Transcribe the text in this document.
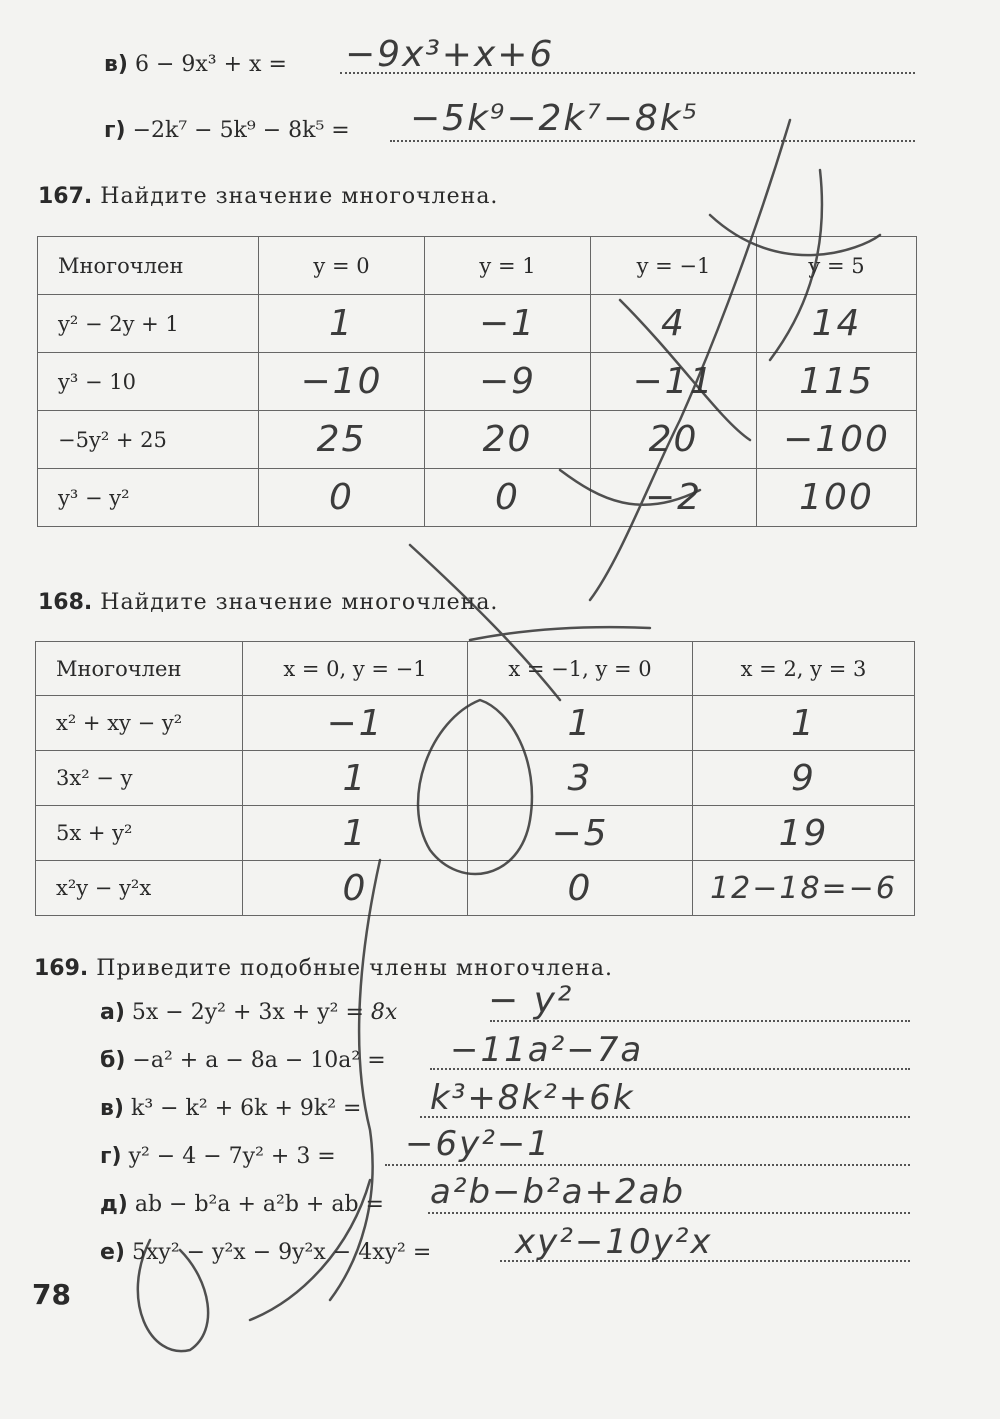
в) 6 − 9x³ + x = −9x³+x+6
г) −2k⁷ − 5k⁹ − 8k⁵ = −5k⁹−2k⁷−8k⁵
167. Найдите значение многочлена.
Многочлен	y = 0	y = 1	y = −1	y = 5
y² − 2y + 1	1	−1	4	14
y³ − 10	−10	−9	−11	115
−5y² + 25	25	20	20	−100
y³ − y²	0	0	−2	100
168. Найдите значение многочлена.
Многочлен	x = 0, y = −1	x = −1, y = 0	x = 2, y = 3
x² + xy − y²	−1	1	1
3x² − y	1	3	9
5x + y²	1	−5	19
x²y − y²x	0	0	12−18=−6
169. Приведите подобные члены многочлена.
а) 5x − 2y² + 3x + y² = 8x	− y²
б) −a² + a − 8a − 10a² = −11a²−7a
в) k³ − k² + 6k + 9k² = k³+8k²+6k
г) y² − 4 − 7y² + 3 = −6y²−1
д) ab − b²a + a²b + ab = a²b−b²a+2ab
е) 5xy² − y²x − 9y²x − 4xy² = xy²−10y²x
78
